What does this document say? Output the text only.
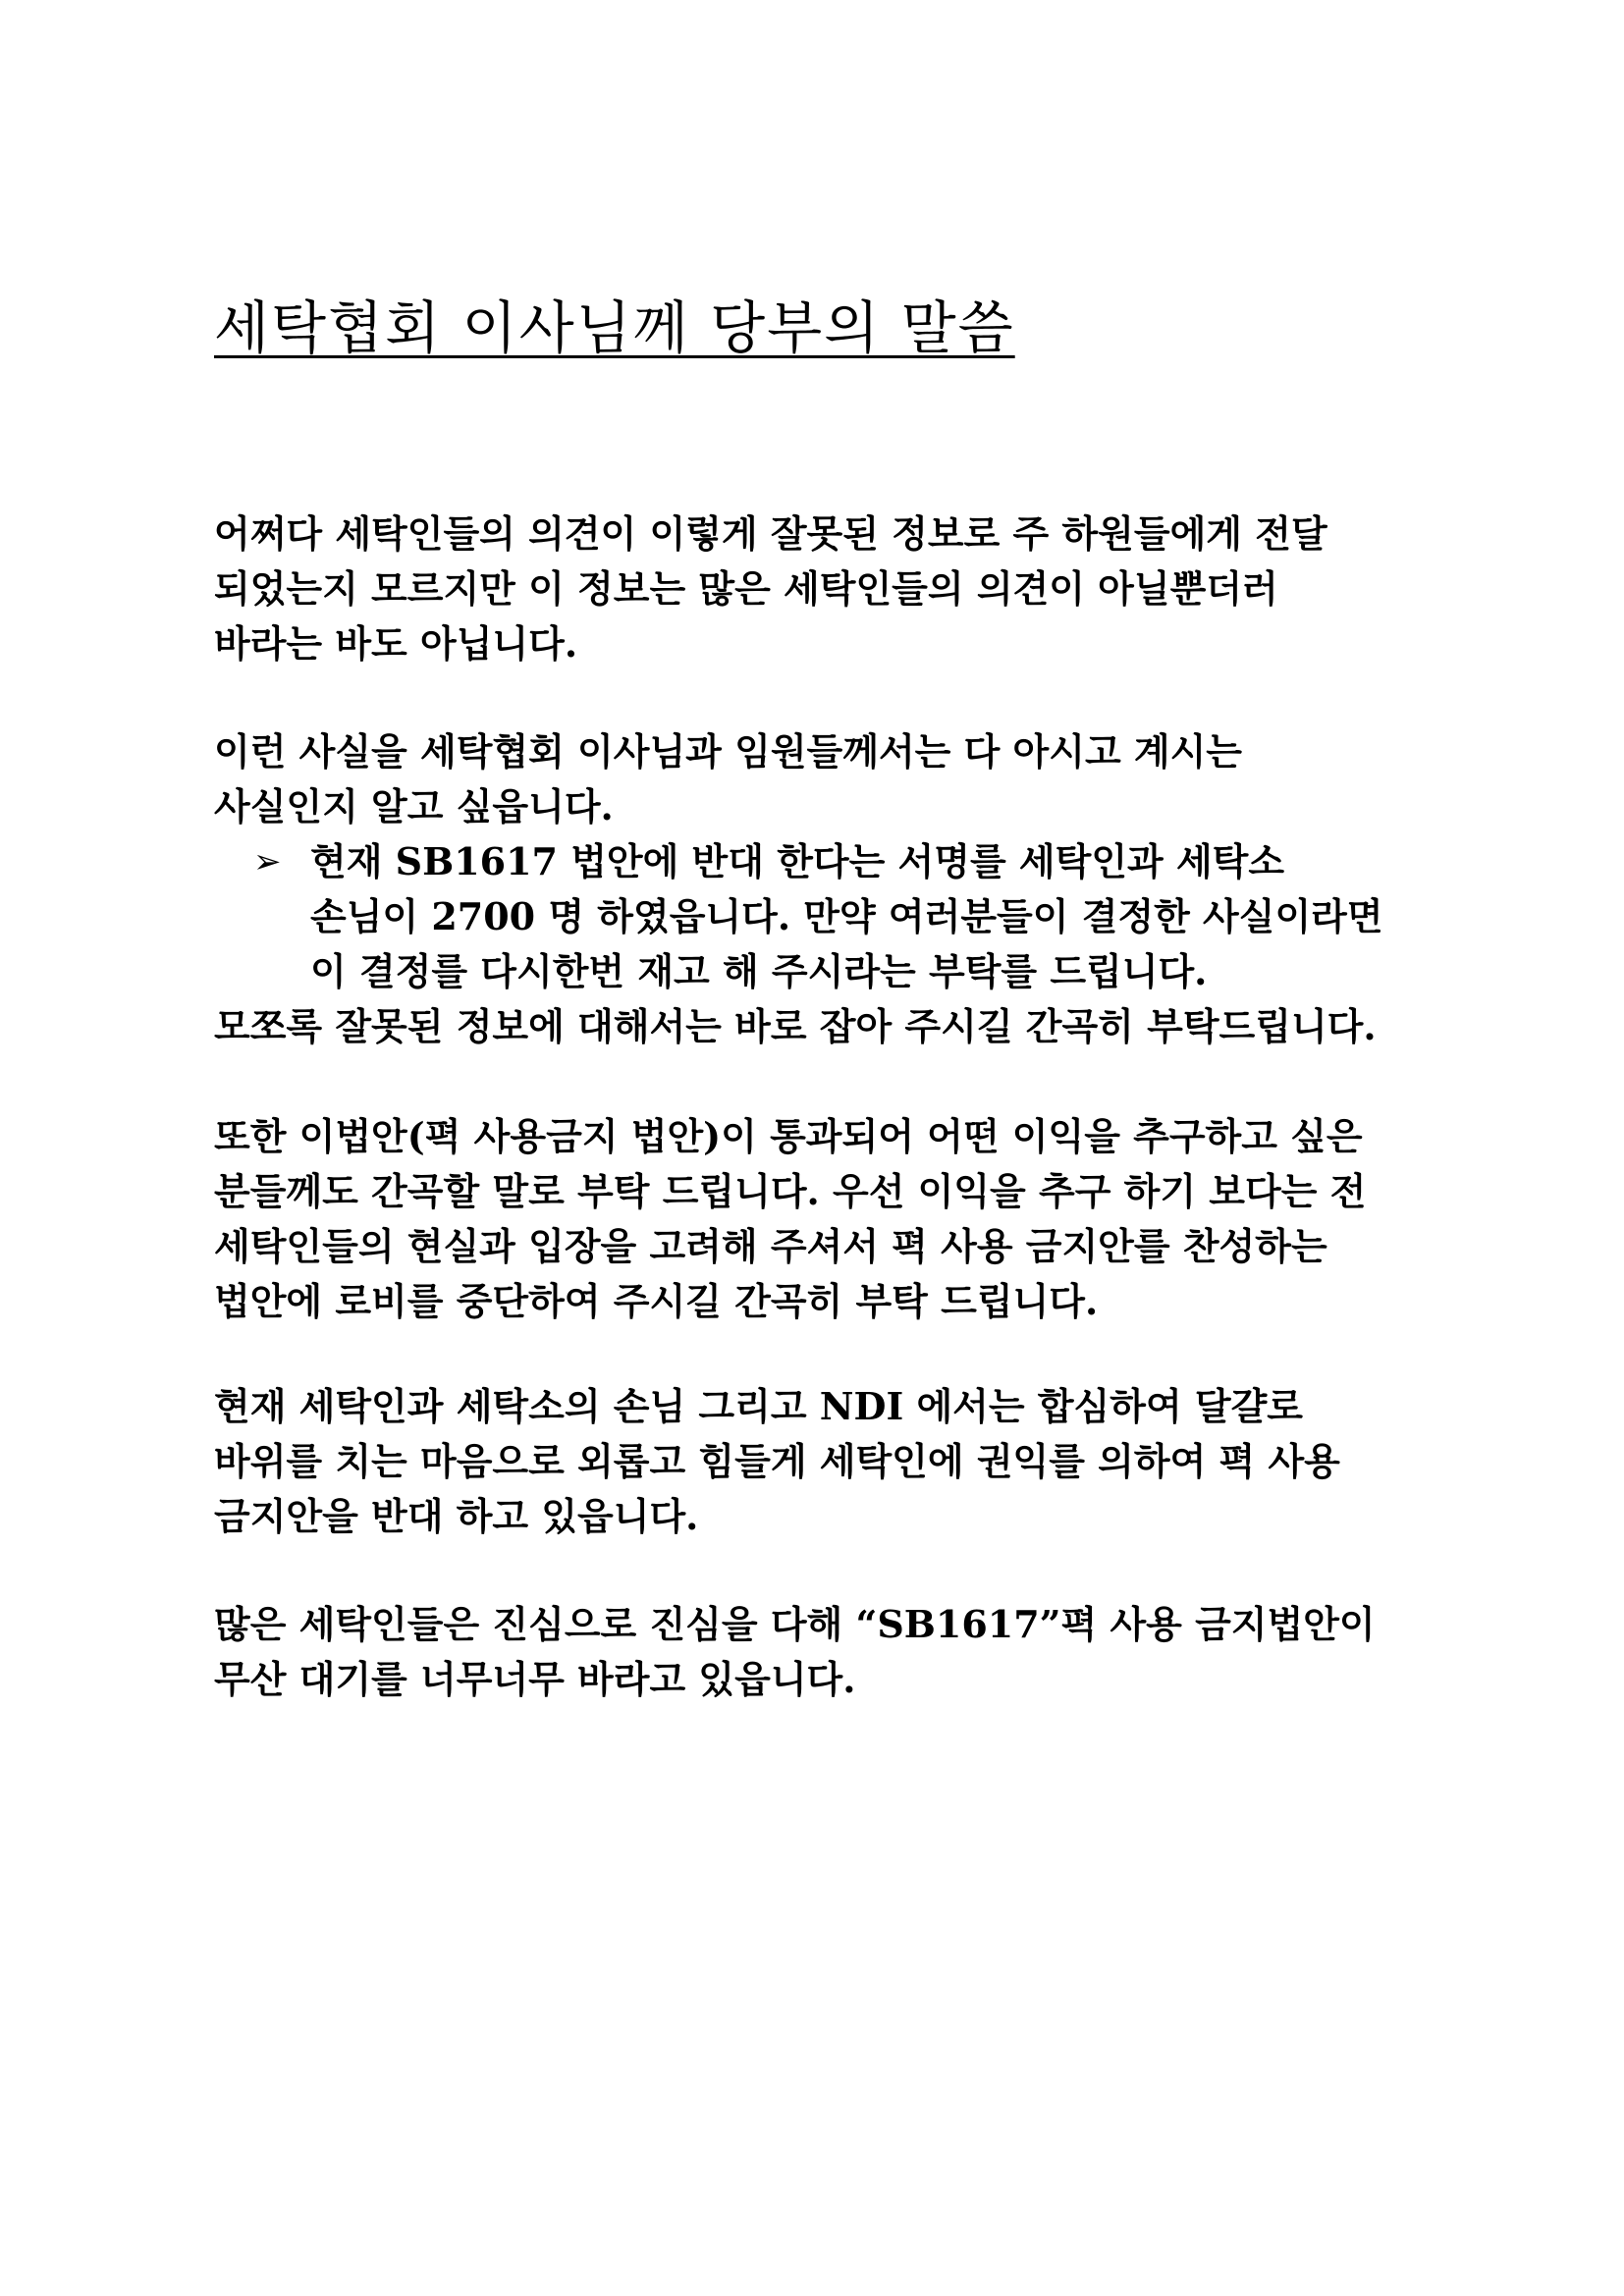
세탁협회 이사님께 당부의 말씀
어쩌다 세탁인들의 의견이 이렇게 잘못된 정보로 주 하원들에게 전달
되었는지 모르지만 이 정보는 많은 세탁인들의 의견이 아닐뿐더러
바라는 바도 아닙니다.
이런 사실을 세탁협회 이사님과 임원들께서는 다 아시고 계시는
사실인지 알고 싶읍니다.
➢ 현재 SB1617 법안에 반대 한다는 서명를 세탁인과 세탁소
손님이 2700 명 하였읍니다. 만약 여러분들이 결정한 사실이라면
이 결정를 다시한번 재고 해 주시라는 부탁를 드립니다.
모쪼록 잘못된 정보에 대해서는 바로 잡아 주시길 간곡히 부탁드립니다.
또한 이법안(펵 사용금지 법안)이 통과되어 어떤 이익을 추구하고 싶은
분들께도 간곡할 말로 부탁 드립니다. 우선 이익을 추구 하기 보다는 전
세탁인들의 현실과 입장을 고려해 주셔서 펵 사용 금지안를 찬성하는
법안에 로비를 중단하여 주시길 간곡히 부탁 드립니다.
현재 세탁인과 세탁소의 손님 그리고 NDI 에서는 합심하여 달걀로
바위를 치는 마음으로 외롭고 힘들게 세탁인에 권익를 의하여 펵 사용
금지안을 반대 하고 있읍니다.
많은 세탁인들은 진심으로 진심을 다해 “SB1617”펵 사용 금지법안이
무산 대기를 너무너무 바라고 있읍니다.
